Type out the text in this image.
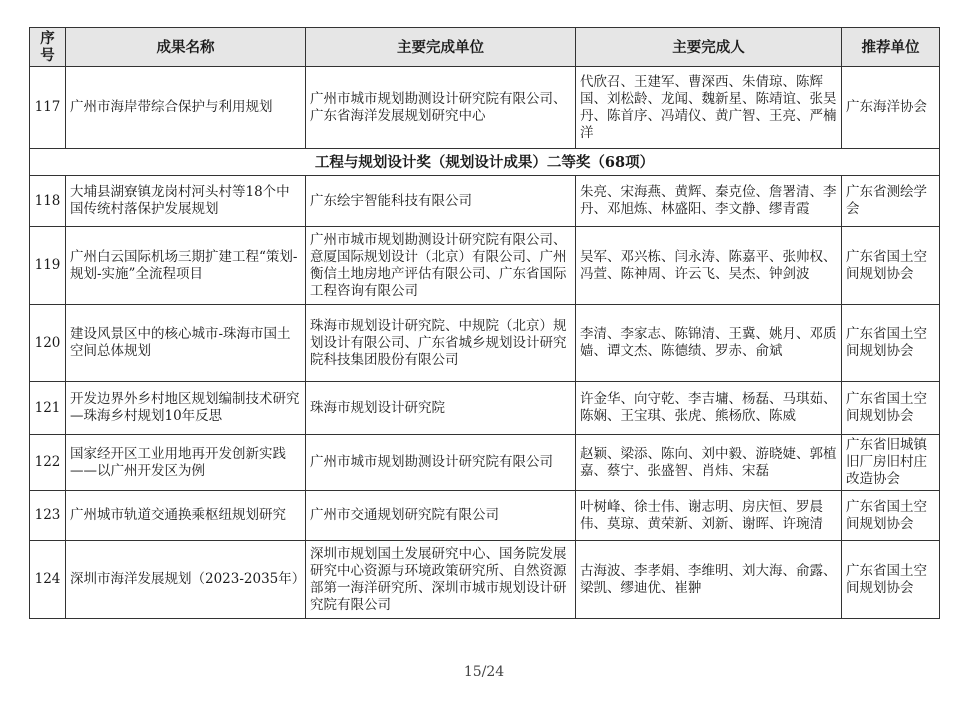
序号	成果名称	主要完成单位	主要完成人	推荐单位
117	广州市海岸带综合保护与利用规划	广州市城市规划勘测设计研究院有限公司、广东省海洋发展规划研究中心	代欣召、王建军、曹深西、朱倩琼、陈辉国、刘松龄、龙闻、魏新星、陈靖谊、张昊丹、陈首序、冯靖仪、黄广智、王亮、严楠洋	广东海洋协会
工程与规划设计奖（规划设计成果）二等奖（68项）				
118	大埔县湖寮镇龙岗村河头村等18个中国传统村落保护发展规划	广东绘宇智能科技有限公司	朱亮、宋海燕、黄辉、秦克俭、詹署清、李丹、邓旭炼、林盛阳、李文静、缪青霞	广东省测绘学会
119	广州白云国际机场三期扩建工程“策划-规划-实施”全流程项目	广州市城市规划勘测设计研究院有限公司、意厦国际规划设计（北京）有限公司、广州衡信土地房地产评估有限公司、广东省国际工程咨询有限公司	吴军、邓兴栋、闫永涛、陈嘉平、张帅权、冯萱、陈神周、许云飞、吴杰、钟剑波	广东省国土空间规划协会
120	建设风景区中的核心城市-珠海市国土空间总体规划	珠海市规划设计研究院、中规院（北京）规划设计有限公司、广东省城乡规划设计研究院科技集团股份有限公司	李清、李家志、陈锦清、王冀、姚月、邓质嫱、谭文杰、陈德绩、罗赤、俞斌	广东省国土空间规划协会
121	开发边界外乡村地区规划编制技术研究—珠海乡村规划10年反思	珠海市规划设计研究院	许金华、向守乾、李吉墉、杨磊、马琪茹、陈娴、王宝琪、张虎、熊杨欣、陈威	广东省国土空间规划协会
122	国家经开区工业用地再开发创新实践——以广州开发区为例	广州市城市规划勘测设计研究院有限公司	赵颖、梁添、陈向、刘中毅、游晓婕、郭植嘉、蔡宁、张盛智、肖炜、宋磊	广东省旧城镇旧厂房旧村庄改造协会
123	广州城市轨道交通换乘枢纽规划研究	广州市交通规划研究院有限公司	叶树峰、徐士伟、谢志明、房庆恒、罗晨伟、莫琼、黄荣新、刘新、谢晖、许琬清	广东省国土空间规划协会
124	深圳市海洋发展规划（2023-2035年）	深圳市规划国土发展研究中心、国务院发展研究中心资源与环境政策研究所、自然资源部第一海洋研究所、深圳市城市规划设计研究院有限公司	古海波、李孝娟、李维明、刘大海、俞露、梁凯、缪迪优、崔翀	广东省国土空间规划协会
15/24
